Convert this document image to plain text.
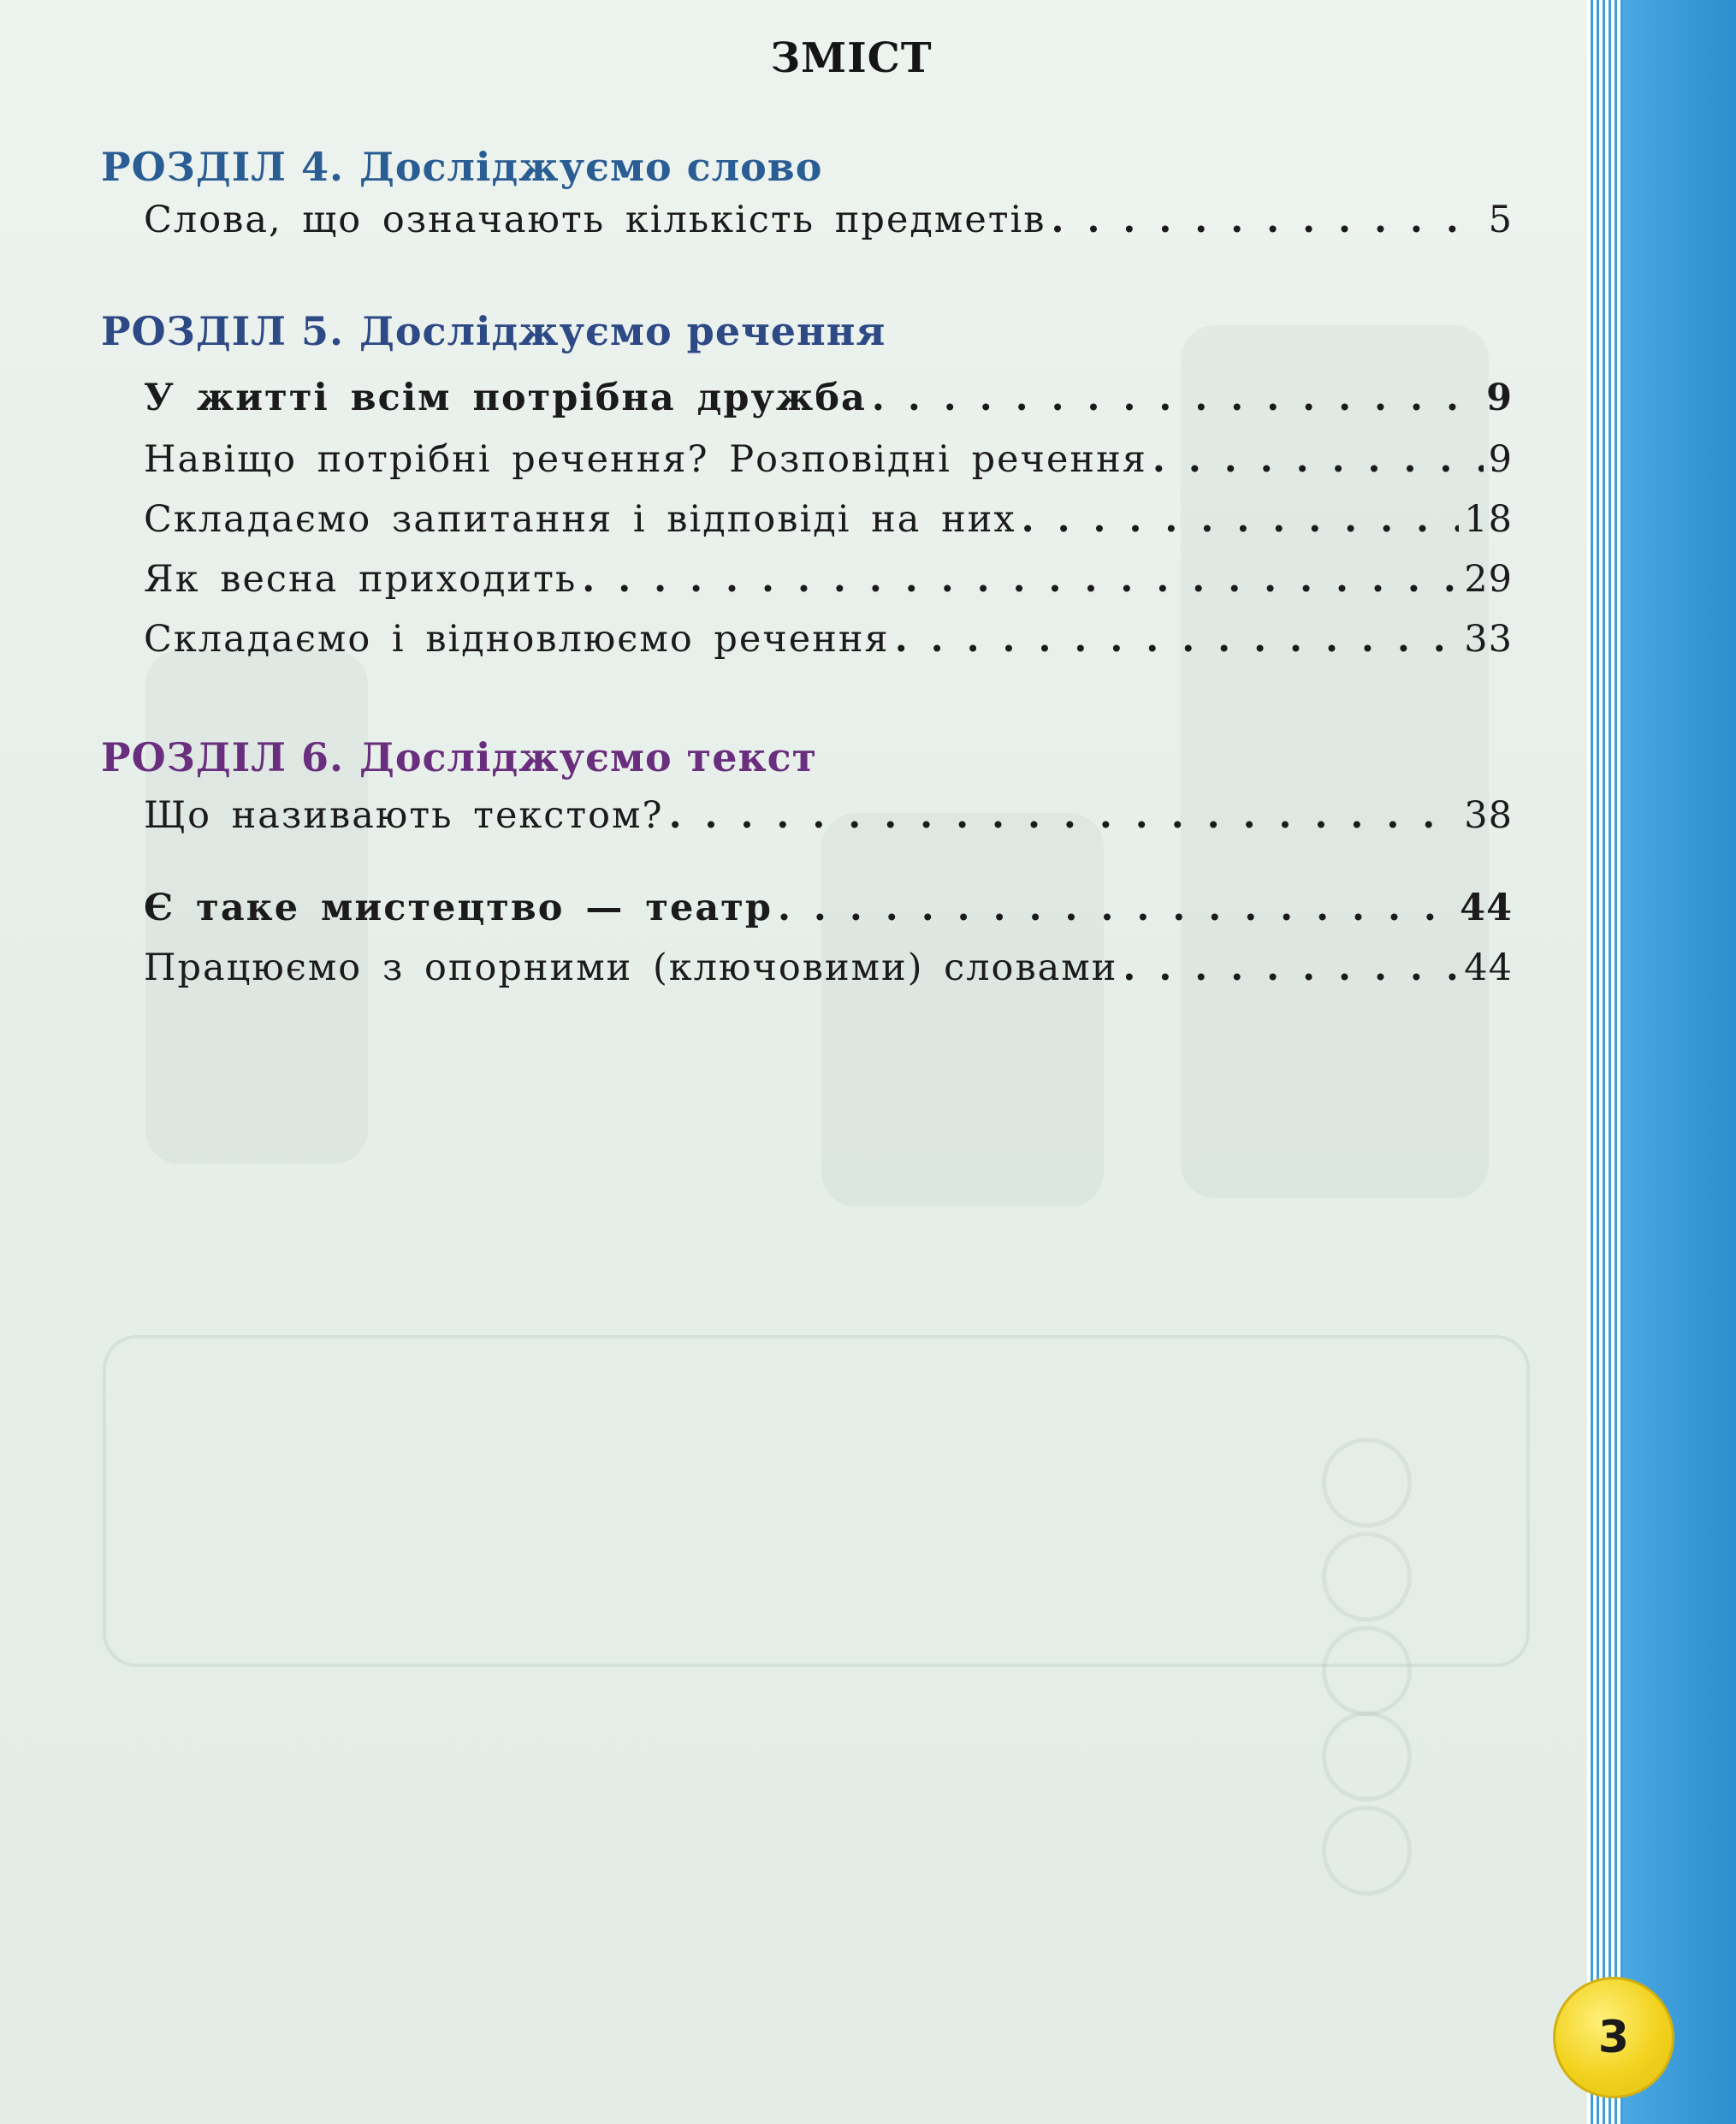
ЗМІСТ
РОЗДІЛ 4. Досліджуємо слово
Слова, що означають кількість предметів . . .	5
РОЗДІЛ 5. Досліджуємо речення
У житті всім потрібна дружба . . .	9
Навіщо потрібні речення? Розповідні речення . . .	9
Складаємо запитання і відповіді на них . . .	18
Як весна приходить . . .	29
Складаємо і відновлюємо речення . . .	33
РОЗДІЛ 6. Досліджуємо текст
Що називають текстом? . . .	38
Є таке мистецтво — театр . . .	44
Працюємо з опорними (ключовими) словами . . .	44
3
